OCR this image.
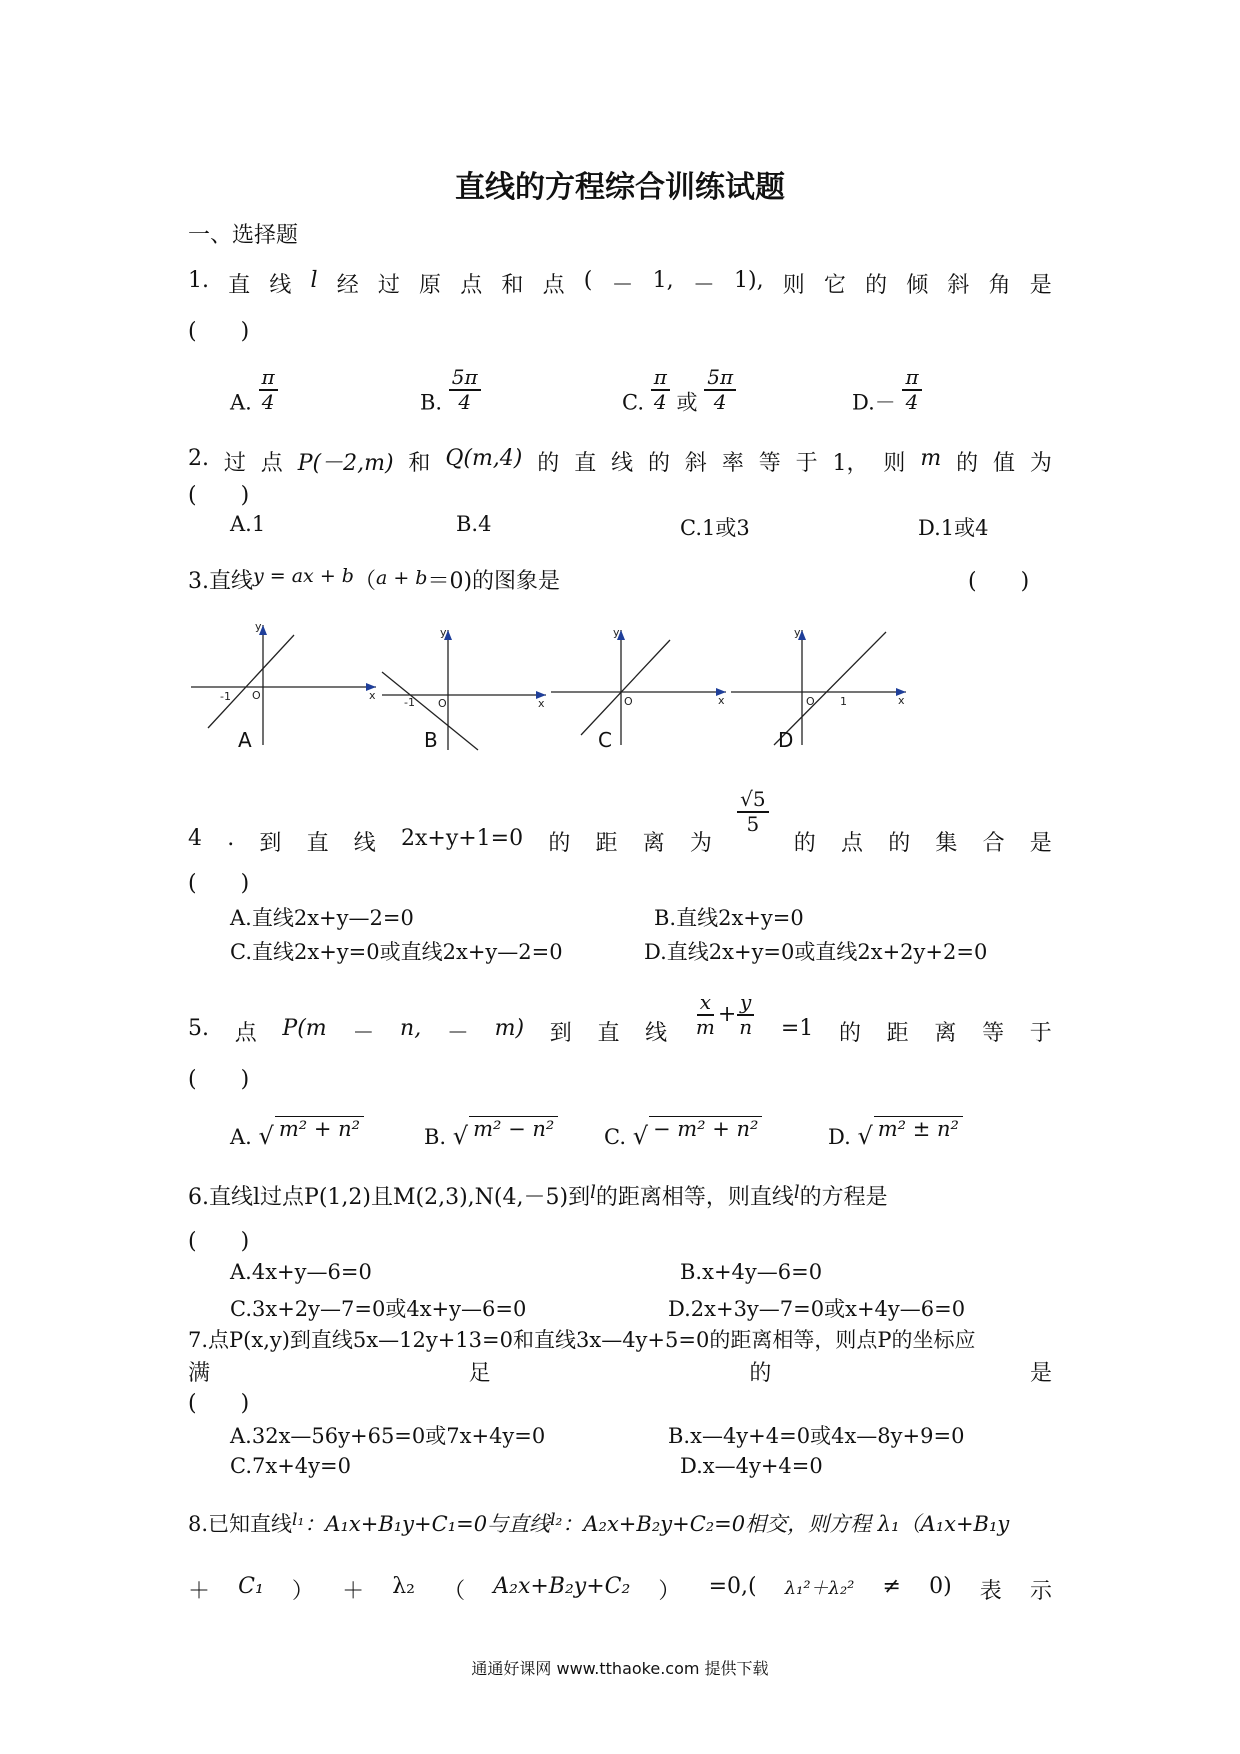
直线的方程综合训练试题
一、选择题
1. 直 线 l 经 过 原 点 和 点 ( － 1, － 1), 则 它 的 倾 斜 角 是
(　　)
A. $\frac{\pi}{4}$	B. $\frac{5\pi}{4}$	C. $\frac{\pi}{4}$ 或 $\frac{5\pi}{4}$	$D.- \frac{\pi}{4}$
2. 过 点 P(－2,m) 和 Q(m,4) 的 直 线 的 斜 率 等 于 1， 则 m 的 值 为
(　　)
A.1	B.4	C.1或3	D.1或4
3.直线y = ax + b（a + b＝0)的图象是	(　　)
x
y
O
-1
x
y
O
-1	x
y
O	x
y
O 1
A	B	C	D
4 . 到 直 线 2x+y+1=0 的 距 离 为 $\frac{√5}{5}$ 的 点 的 集 合 是
(　　)
A.直线2x+y—2=0	B.直线2x+y=0
C.直线2x+y=0或直线2x+y—2=0	D.直线2x+y=0或直线2x+2y+2=0
5. 点 P(m － n, － m) 到 直 线 $\frac{x}{m} + \frac{y}{n} =1$ 的 距 离 等 于
(　　)
A. √ m² + n²	B. √ m² − n² C. √ − m² + n²	D. √ m² ± n²
6.直线l过点P(1,2)且M(2,3),N(4,－5)到$^l$的距离相等，则直线$^l$的方程是
(　　)
A.4x+y—6=0	B.x+4y—6=0
C.3x+2y—7=0或4x+y—6=0	D.2x+3y—7=0或x+4y—6=0
7.点P(x,y)到直线5x—12y+13=0和直线3x—4y+5=0的距离相等，则点P的坐标应
满	足	的	是
(　　)
A.32x—56y+65=0或7x+4y=0	B.x—4y+4=0或4x—8y+9=0
C.7x+4y=0	D.x—4y+4=0
8.已知直线$^{l_1}$：A₁x+B₁y+C₁=0与直线$^{l_2}$：A₂x+B₂y+C₂=0相交，则方程 λ₁（A₁x+B₁y
＋ C₁ ） ＋ λ₂ （ A₂x+B₂y+C₂ ） =0,( λ₁²＋λ₂² ≠ 0) 表 示
通通好课网 www.tthaoke.com 提供下载
